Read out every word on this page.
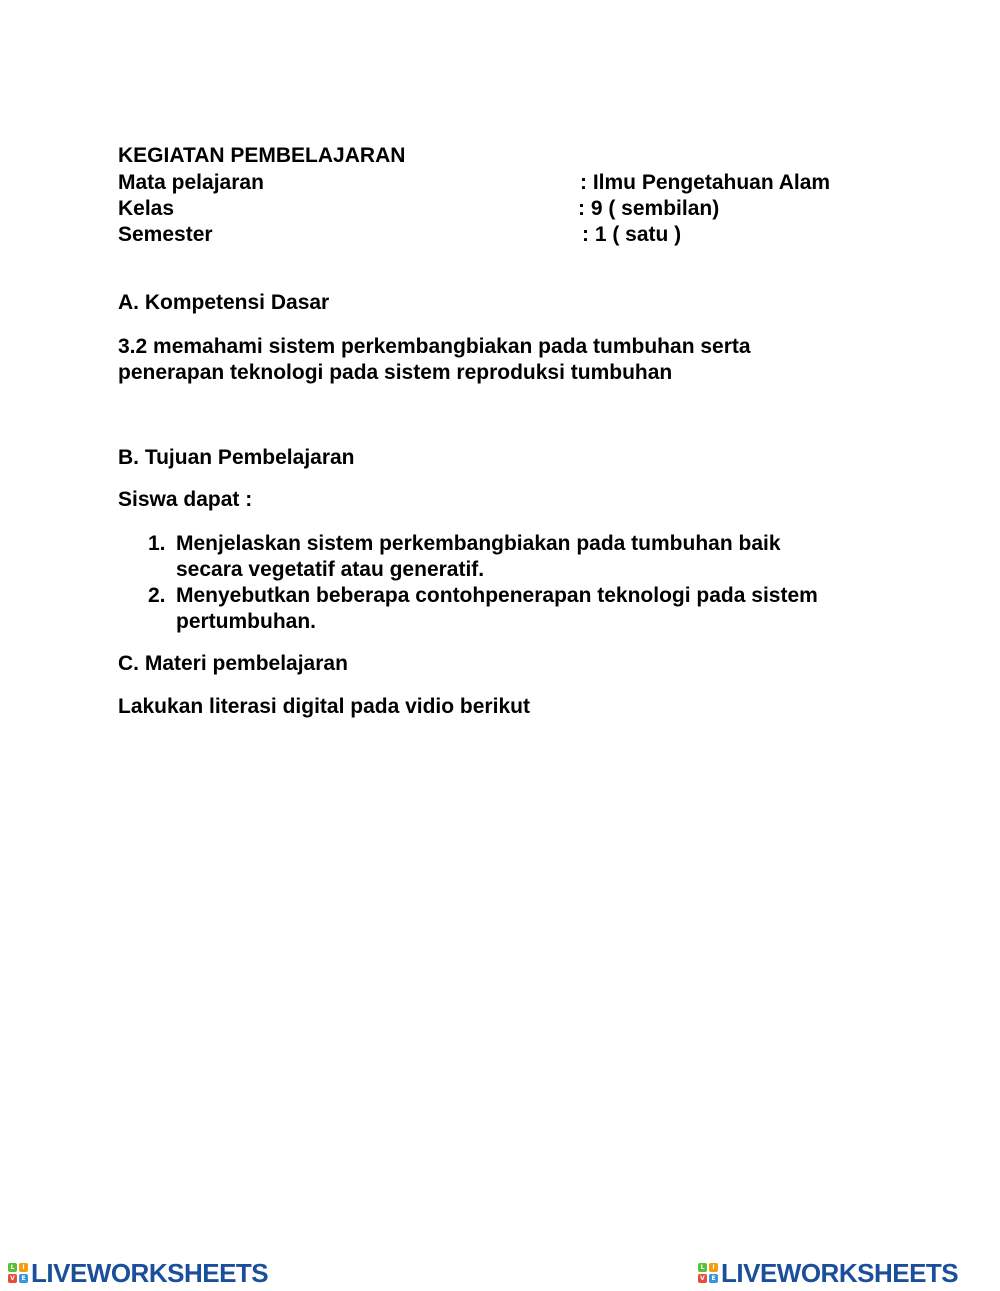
KEGIATAN PEMBELAJARAN
Mata pelajaran	: Ilmu Pengetahuan Alam
Kelas	: 9 ( sembilan)
Semester	: 1 ( satu )
A. Kompetensi Dasar
3.2 memahami sistem perkembangbiakan pada tumbuhan serta
penerapan teknologi pada sistem reproduksi tumbuhan
B. Tujuan Pembelajaran
Siswa dapat :
1. Menjelaskan sistem perkembangbiakan pada tumbuhan baik
secara vegetatif atau generatif.
2. Menyebutkan beberapa contohpenerapan teknologi pada sistem
pertumbuhan.
C. Materi pembelajaran
Lakukan literasi digital pada vidio berikut
L	I
V	E LIVEWORKSHEETS	L	I
V	E LIVEWORKSHEETS
